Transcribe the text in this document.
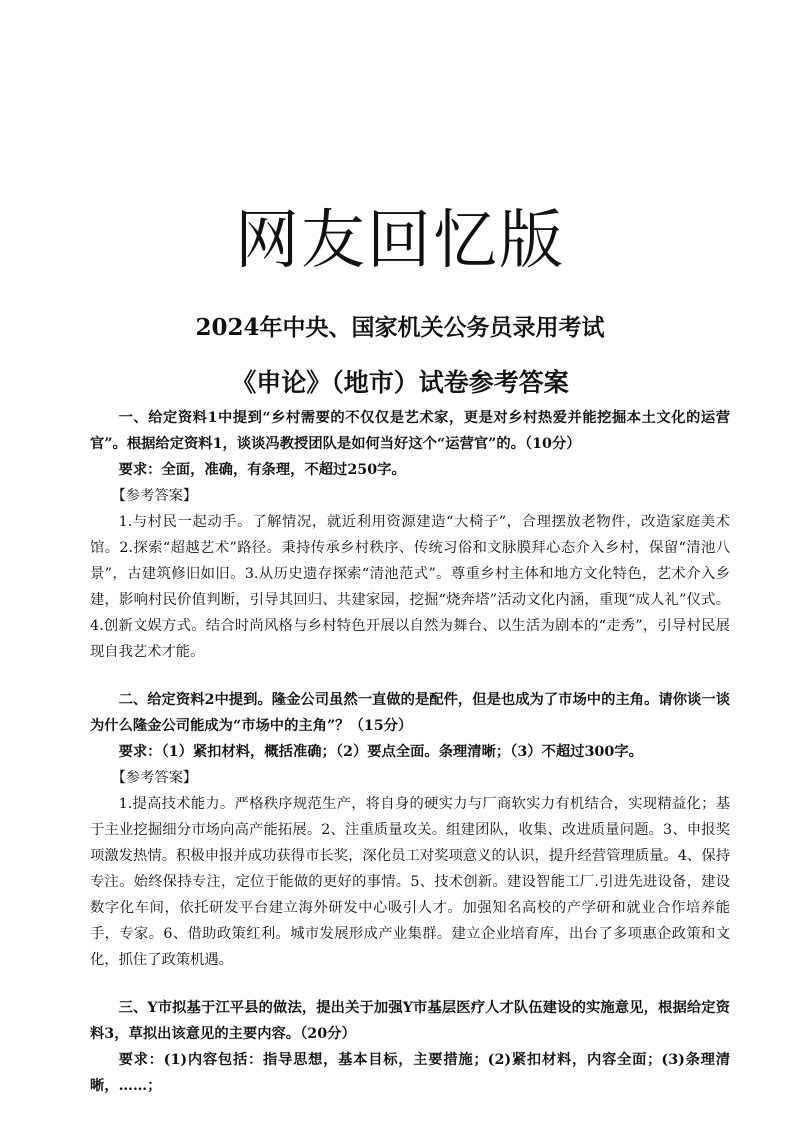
网友回忆版
2024年中央、国家机关公务员录用考试
《申论》（地市）试卷参考答案

一、给定资料1中提到“乡村需要的不仅仅是艺术家，更是对乡村热爱并能挖掘本土文化的运营官”。根据给定资料1，谈谈冯教授团队是如何当好这个“运营官”的。（10分）

要求：全面，准确，有条理，不超过250字。

【参考答案】

1.与村民一起动手。了解情况，就近利用资源建造“大椅子”，合理摆放老物件，改造家庭美术馆。2.探索“超越艺术”路径。秉持传承乡村秩序、传统习俗和文脉膜拜心态介入乡村，保留“清池八景”，古建筑修旧如旧。3.从历史遗存探索“清池范式”。尊重乡村主体和地方文化特色，艺术介入乡建，影响村民价值判断，引导其回归、共建家园，挖掘“烧奔塔”活动文化内涵，重现“成人礼”仪式。4.创新文娱方式。结合时尚风格与乡村特色开展以自然为舞台、以生活为剧本的“走秀”，引导村民展现自我艺术才能。

二、给定资料2中提到。隆金公司虽然一直做的是配件，但是也成为了市场中的主角。请你谈一谈为什么隆金公司能成为“市场中的主角”？（15分）

要求：（1）紧扣材料，概括准确；（2）要点全面。条理清晰；（3）不超过300字。

【参考答案】

1.提高技术能力。严格秩序规范生产，将自身的硬实力与厂商软实力有机结合，实现精益化；基于主业挖掘细分市场向高产能拓展。2、注重质量攻关。组建团队，收集、改进质量问题。3、申报奖项激发热情。积极申报并成功获得市长奖，深化员工对奖项意义的认识，提升经营管理质量。4、保持专注。始终保持专注，定位于能做的更好的事情。5、技术创新。建设智能工厂.引进先进设备，建设数字化车间，依托研发平台建立海外研发中心吸引人才。加强知名高校的产学研和就业合作培养能手，专家。6、借助政策红利。城市发展形成产业集群。建立企业培育库，出台了多项惠企政策和文化，抓住了政策机遇。

三、Y市拟基于江平县的做法，提出关于加强Y市基层医疗人才队伍建设的实施意见，根据给定资料3，草拟出该意见的主要内容。（20分）

要求：(1)内容包括：指导思想，基本目标，主要措施；(2)紧扣材料，内容全面；(3)条理清晰，……；
